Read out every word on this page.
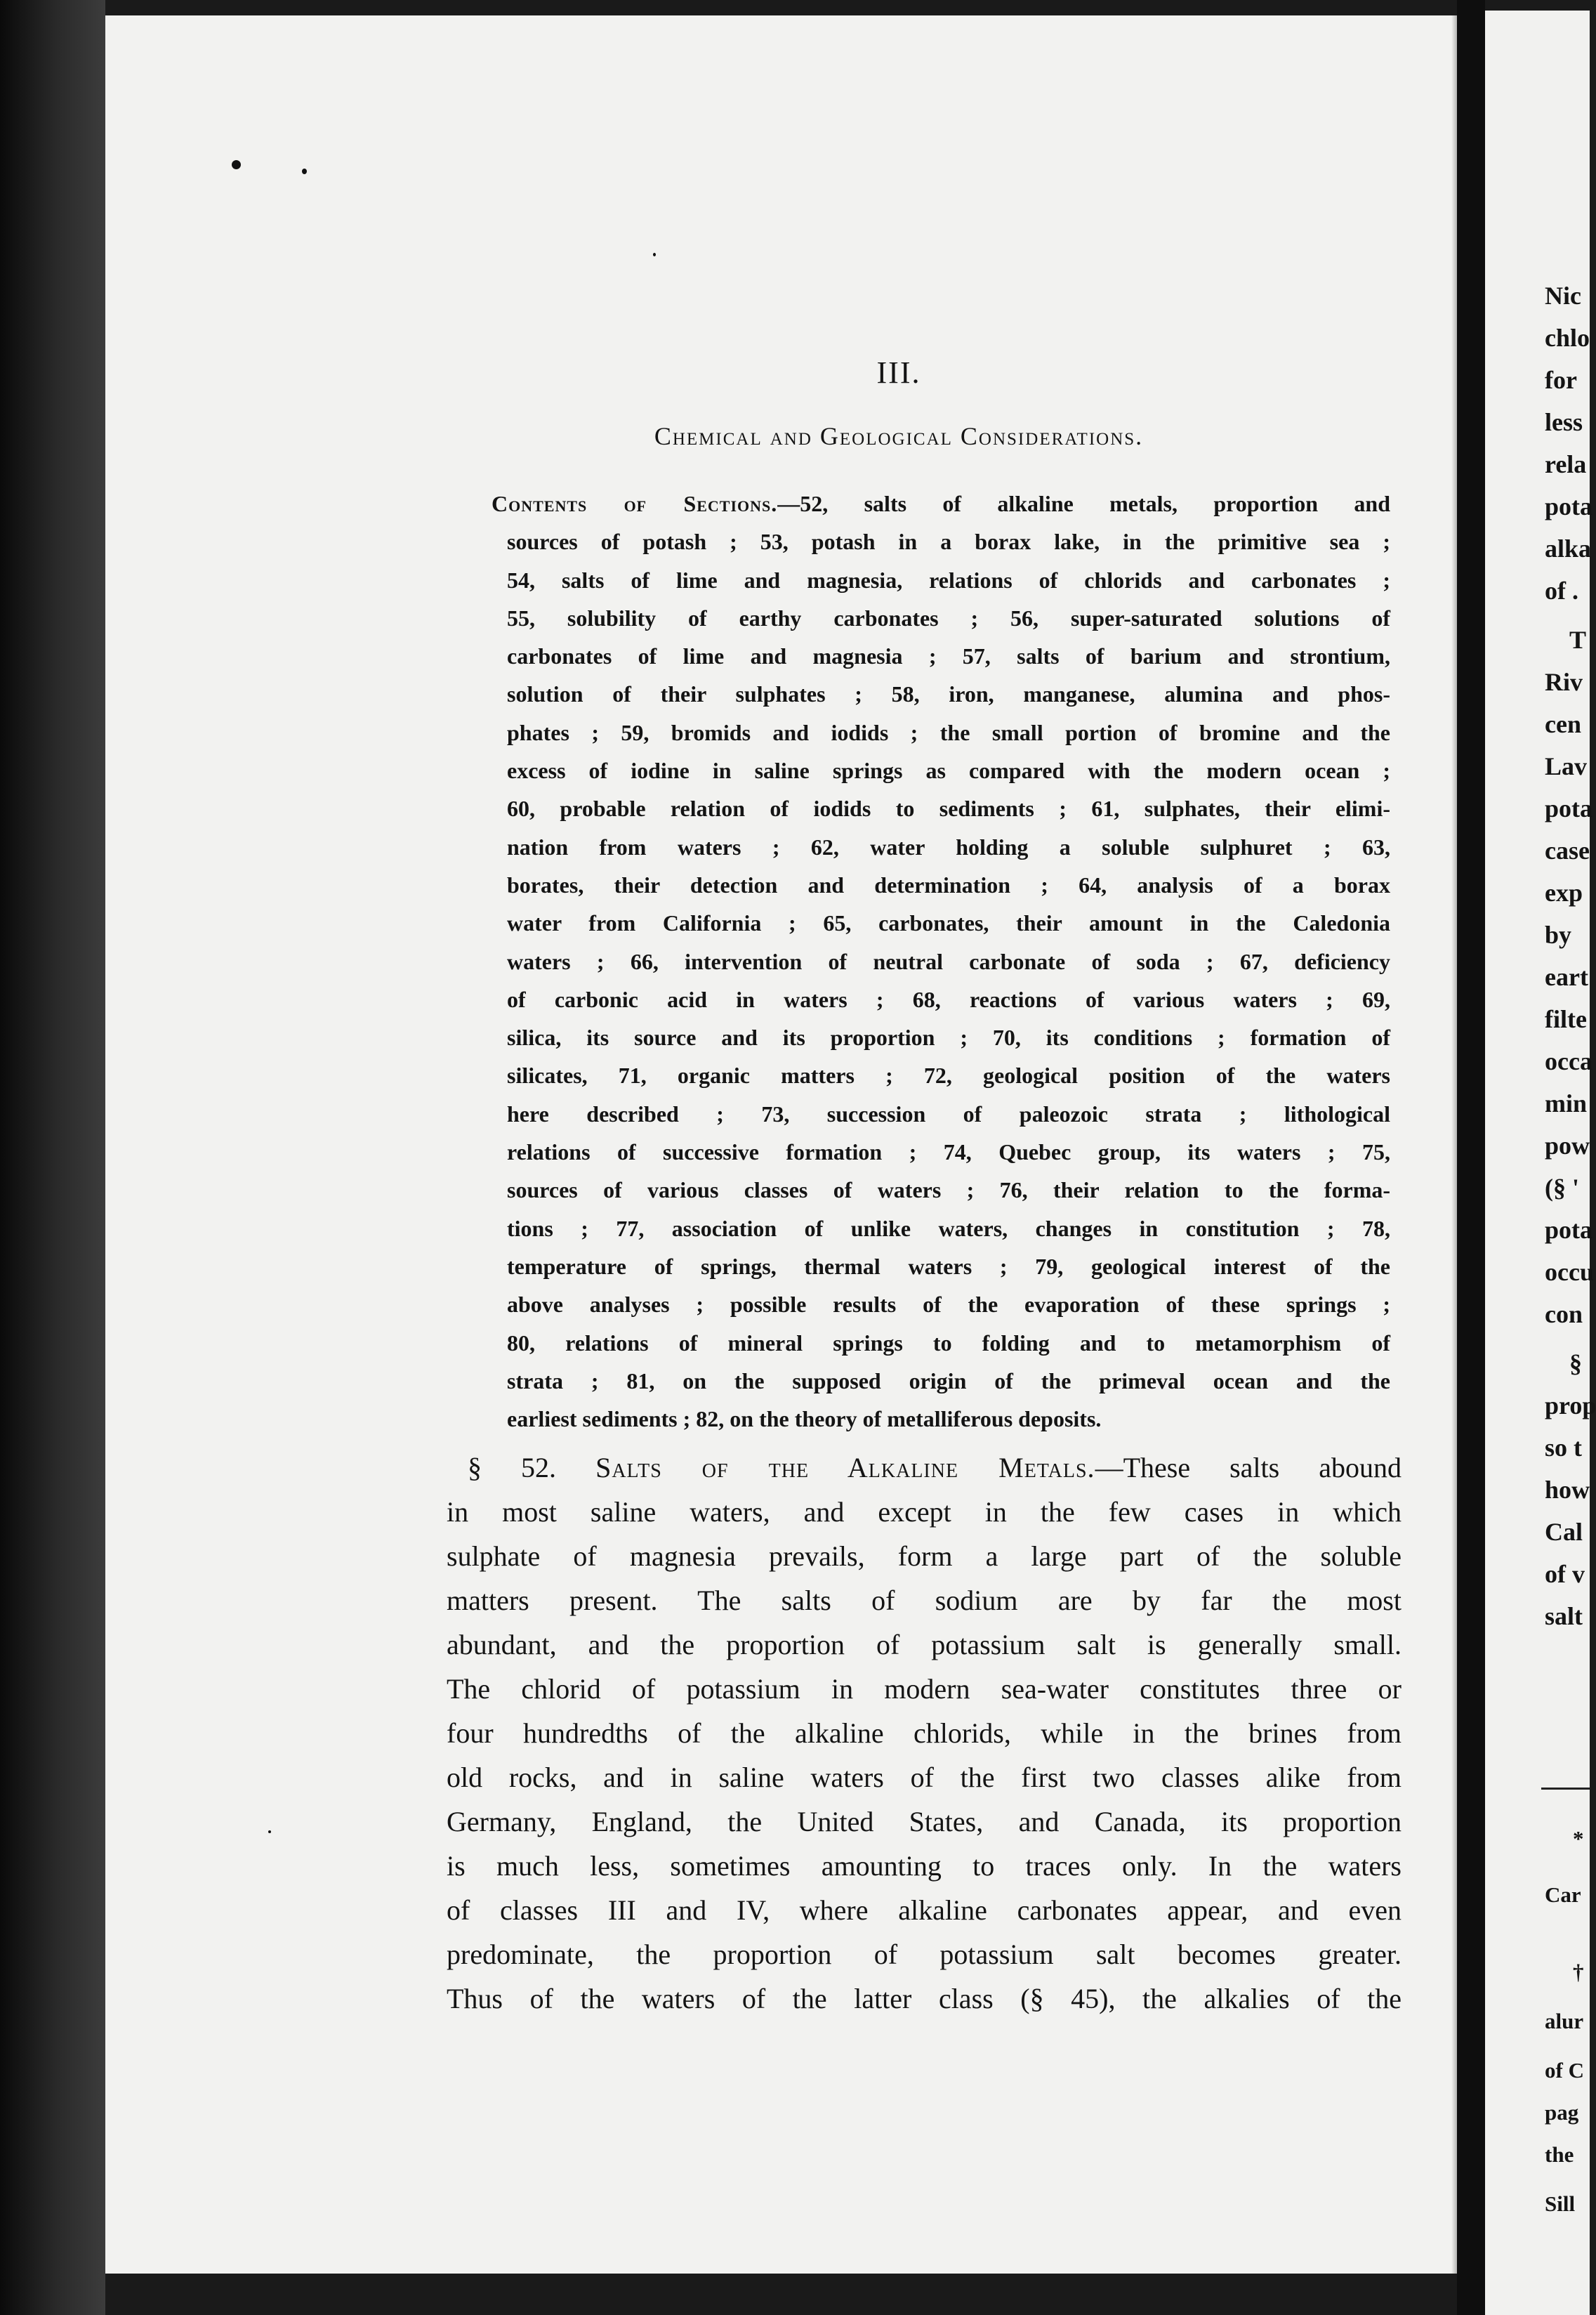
III.
Chemical and Geological Considerations.
Contents of Sections.—52, salts of alkaline metals, proportion and
sources of potash ; 53, potash in a borax lake, in the primitive sea ;
54, salts of lime and magnesia, relations of chlorids and carbonates ;
55, solubility of earthy carbonates ; 56, super-saturated solutions of
carbonates of lime and magnesia ; 57, salts of barium and strontium,
solution of their sulphates ; 58, iron, manganese, alumina and phos-
phates ; 59, bromids and iodids ; the small portion of bromine and the
excess of iodine in saline springs as compared with the modern ocean ;
60, probable relation of iodids to sediments ; 61, sulphates, their elimi-
nation from waters ; 62, water holding a soluble sulphuret ; 63,
borates, their detection and determination ; 64, analysis of a borax
water from California ; 65, carbonates, their amount in the Caledonia
waters ; 66, intervention of neutral carbonate of soda ; 67, deficiency
of carbonic acid in waters ; 68, reactions of various waters ; 69,
silica, its source and its proportion ; 70, its conditions ; formation of
silicates, 71, organic matters ; 72, geological position of the waters
here described ; 73, succession of paleozoic strata ; lithological
relations of successive formation ; 74, Quebec group, its waters ; 75,
sources of various classes of waters ; 76, their relation to the forma-
tions ; 77, association of unlike waters, changes in constitution ; 78,
temperature of springs, thermal waters ; 79, geological interest of the
above analyses ; possible results of the evaporation of these springs ;
80, relations of mineral springs to folding and to metamorphism of
strata ; 81, on the supposed origin of the primeval ocean and the
earliest sediments ; 82, on the theory of metalliferous deposits.
§ 52. Salts of the Alkaline Metals.—These salts abound
in most saline waters, and except in the few cases in which
sulphate of magnesia prevails, form a large part of the soluble
matters present. The salts of sodium are by far the most
abundant, and the proportion of potassium salt is generally small.
The chlorid of potassium in modern sea-water constitutes three or
four hundredths of the alkaline chlorids, while in the brines from
old rocks, and in saline waters of the first two classes alike from
Germany, England, the United States, and Canada, its proportion
is much less, sometimes amounting to traces only. In the waters
of classes III and IV, where alkaline carbonates appear, and even
predominate, the proportion of potassium salt becomes greater.
Thus of the waters of the latter class (§ 45), the alkalies of the
Nic
chlo
for
less
rela
pota
alka
of .
T
Riv
cen
Lav
pota
case
exp
by
eart
filte
occa
min
pow
(§ '
pota
occu
con
§
prop
so t
how
Cal
of v
salt
*
Car
†
alur
of C
pag
the
Sill
